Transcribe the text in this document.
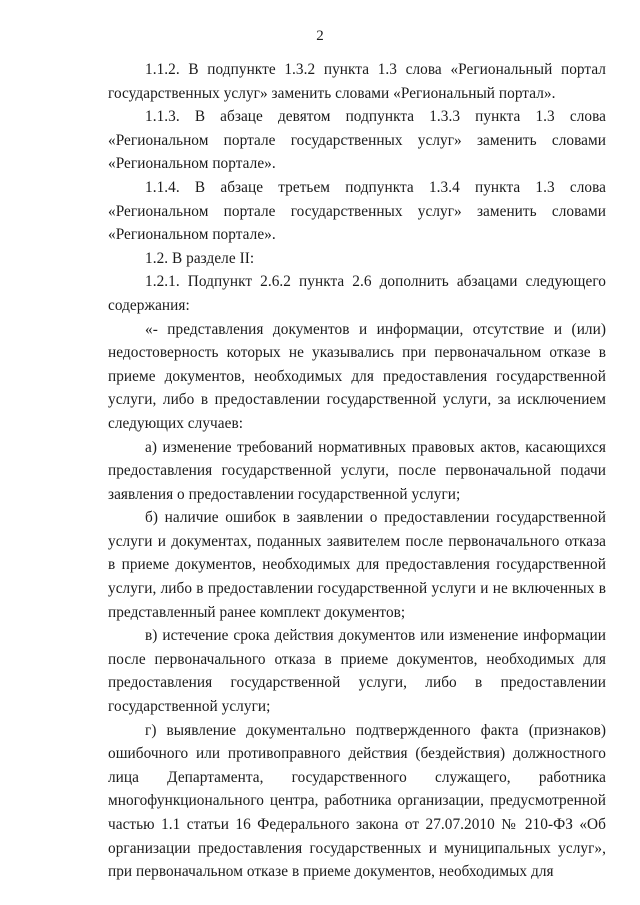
2

1.1.2. В подпункте 1.3.2 пункта 1.3 слова «Региональный портал государственных услуг» заменить словами «Региональный портал».

1.1.3. В абзаце девятом подпункта 1.3.3 пункта 1.3 слова «Региональном портале государственных услуг» заменить словами «Региональном портале».

1.1.4. В абзаце третьем подпункта 1.3.4 пункта 1.3 слова «Региональном портале государственных услуг» заменить словами «Региональном портале».

1.2. В разделе II:

1.2.1. Подпункт 2.6.2 пункта 2.6 дополнить абзацами следующего содержания:

«- представления документов и информации, отсутствие и (или) недостоверность которых не указывались при первоначальном отказе в приеме документов, необходимых для предоставления государственной услуги, либо в предоставлении государственной услуги, за исключением следующих случаев:

а) изменение требований нормативных правовых актов, касающихся предоставления государственной услуги, после первоначальной подачи заявления о предоставлении государственной услуги;

б) наличие ошибок в заявлении о предоставлении государственной услуги и документах, поданных заявителем после первоначального отказа в приеме документов, необходимых для предоставления государственной услуги, либо в предоставлении государственной услуги и не включенных в представленный ранее комплект документов;

в) истечение срока действия документов или изменение информации после первоначального отказа в приеме документов, необходимых для предоставления государственной услуги, либо в предоставлении государственной услуги;

г) выявление документально подтвержденного факта (признаков) ошибочного или противоправного действия (бездействия) должностного лица Департамента, государственного служащего, работника многофункционального центра, работника организации, предусмотренной частью 1.1 статьи 16 Федерального закона от 27.07.2010 № 210-ФЗ «Об организации предоставления государственных и муниципальных услуг», при первоначальном отказе в приеме документов, необходимых для
